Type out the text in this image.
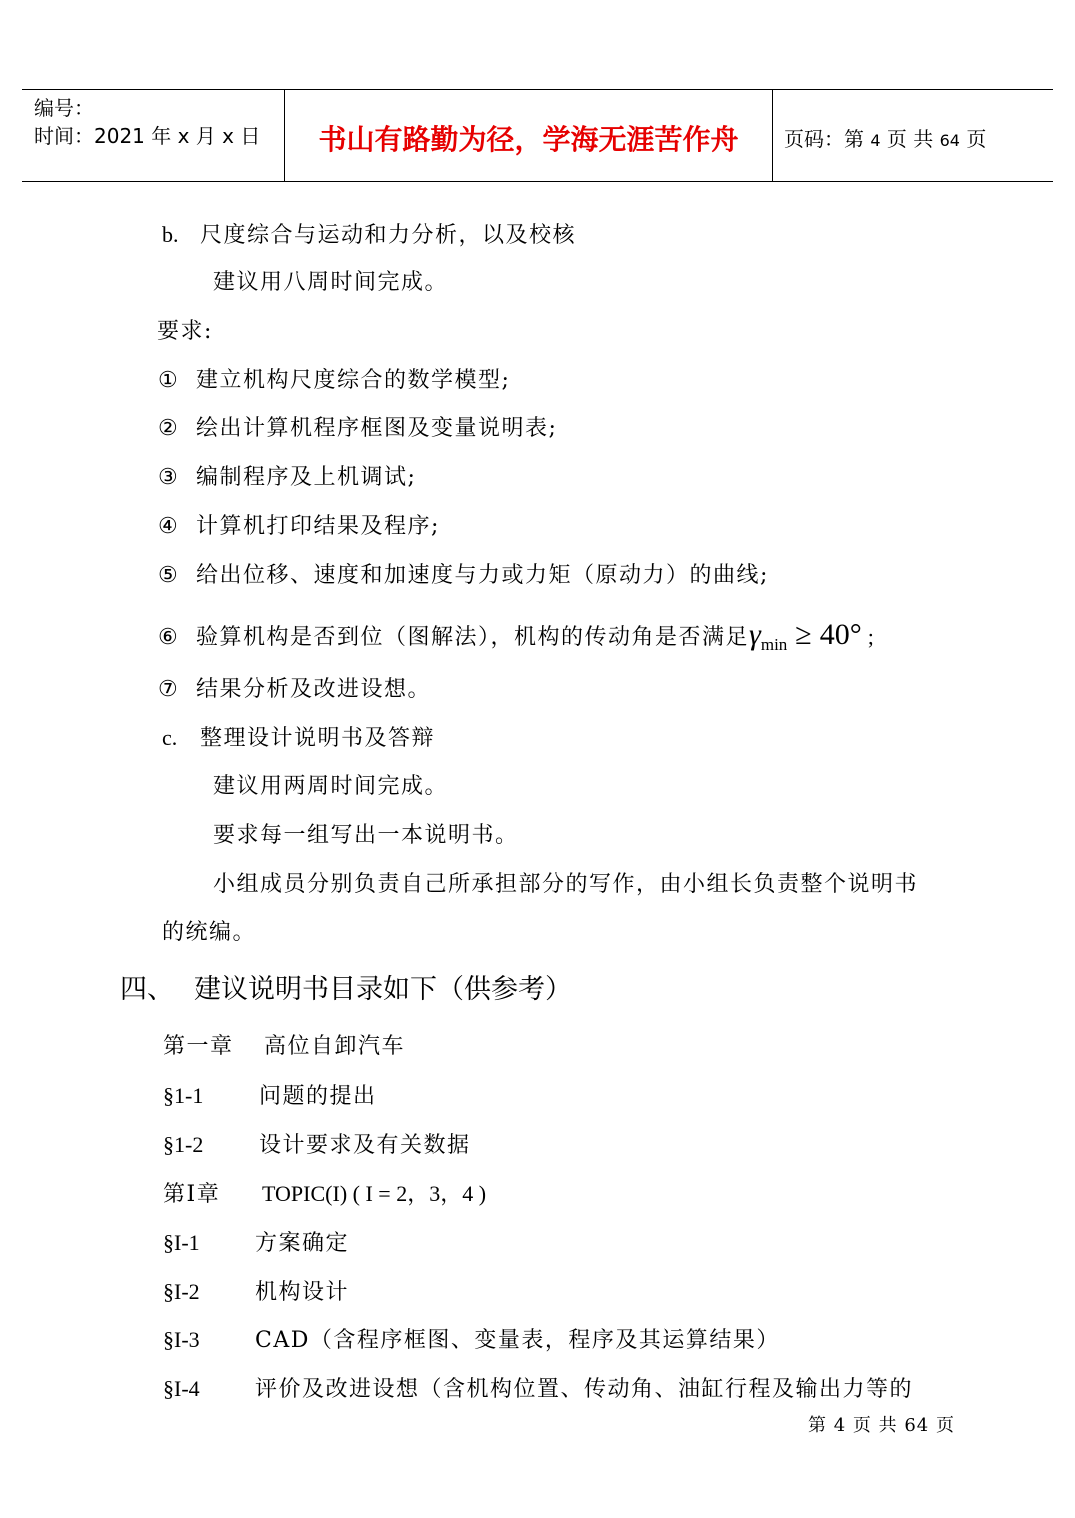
编号：
时间：2021 年 x 月 x 日	书山有路勤为径，学海无涯苦作舟	页码：第 4 页 共 64 页
b. 尺度综合与运动和力分析，以及校核
建议用八周时间完成。
要求:
① 建立机构尺度综合的数学模型;
② 绘出计算机程序框图及变量说明表;
③ 编制程序及上机调试;
④ 计算机打印结果及程序;
⑤ 给出位移、速度和加速度与力或力矩（原动力）的曲线;
⑥ 验算机构是否到位（图解法），机构的传动角是否满足$\gamma_{min} \ge 40^\circ$ ;
⑦ 结果分析及改进设想。
c. 整理设计说明书及答辩
建议用两周时间完成。
要求每一组写出一本说明书。
小组成员分别负责自己所承担部分的写作，由小组长负责整个说明书
的统编。
四、 建议说明书目录如下（供参考）
第一章 高位自卸汽车
§1-1	问题的提出
§1-2	设计要求及有关数据
第Ⅰ章 TOPIC(I) ( I = 2，3，4 )
§I-1	方案确定
§I-2	机构设计
§I-3	CAD（含程序框图、变量表，程序及其运算结果）
§I-4	评价及改进设想（含机构位置、传动角、油缸行程及输出力等的
第 4 页 共 64 页
